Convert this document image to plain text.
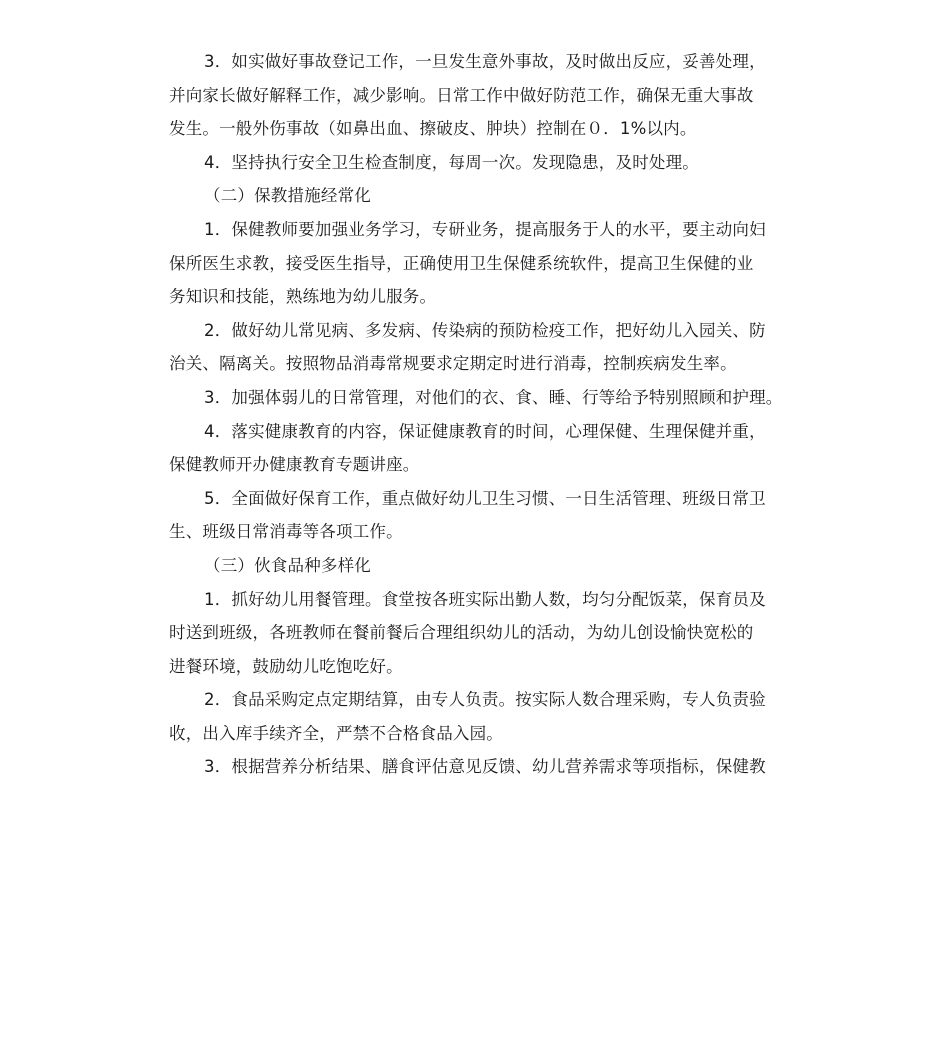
3．如实做好事故登记工作，一旦发生意外事故，及时做出反应，妥善处理，
并向家长做好解释工作，减少影响。日常工作中做好防范工作，确保无重大事故
发生。一般外伤事故（如鼻出血、擦破皮、肿块）控制在０．1%以内。
4．坚持执行安全卫生检查制度，每周一次。发现隐患，及时处理。
（二）保教措施经常化
1．保健教师要加强业务学习，专研业务，提高服务于人的水平，要主动向妇
保所医生求教，接受医生指导，正确使用卫生保健系统软件，提高卫生保健的业
务知识和技能，熟练地为幼儿服务。
2．做好幼儿常见病、多发病、传染病的预防检疫工作，把好幼儿入园关、防
治关、隔离关。按照物品消毒常规要求定期定时进行消毒，控制疾病发生率。
3．加强体弱儿的日常管理，对他们的衣、食、睡、行等给予特别照顾和护理。
4．落实健康教育的内容，保证健康教育的时间，心理保健、生理保健并重，
保健教师开办健康教育专题讲座。
5．全面做好保育工作，重点做好幼儿卫生习惯、一日生活管理、班级日常卫
生、班级日常消毒等各项工作。
（三）伙食品种多样化
1．抓好幼儿用餐管理。食堂按各班实际出勤人数，均匀分配饭菜，保育员及
时送到班级，各班教师在餐前餐后合理组织幼儿的活动，为幼儿创设愉快宽松的
进餐环境，鼓励幼儿吃饱吃好。
2．食品采购定点定期结算，由专人负责。按实际人数合理采购，专人负责验
收，出入库手续齐全，严禁不合格食品入园。
3．根据营养分析结果、膳食评估意见反馈、幼儿营养需求等项指标，保健教
